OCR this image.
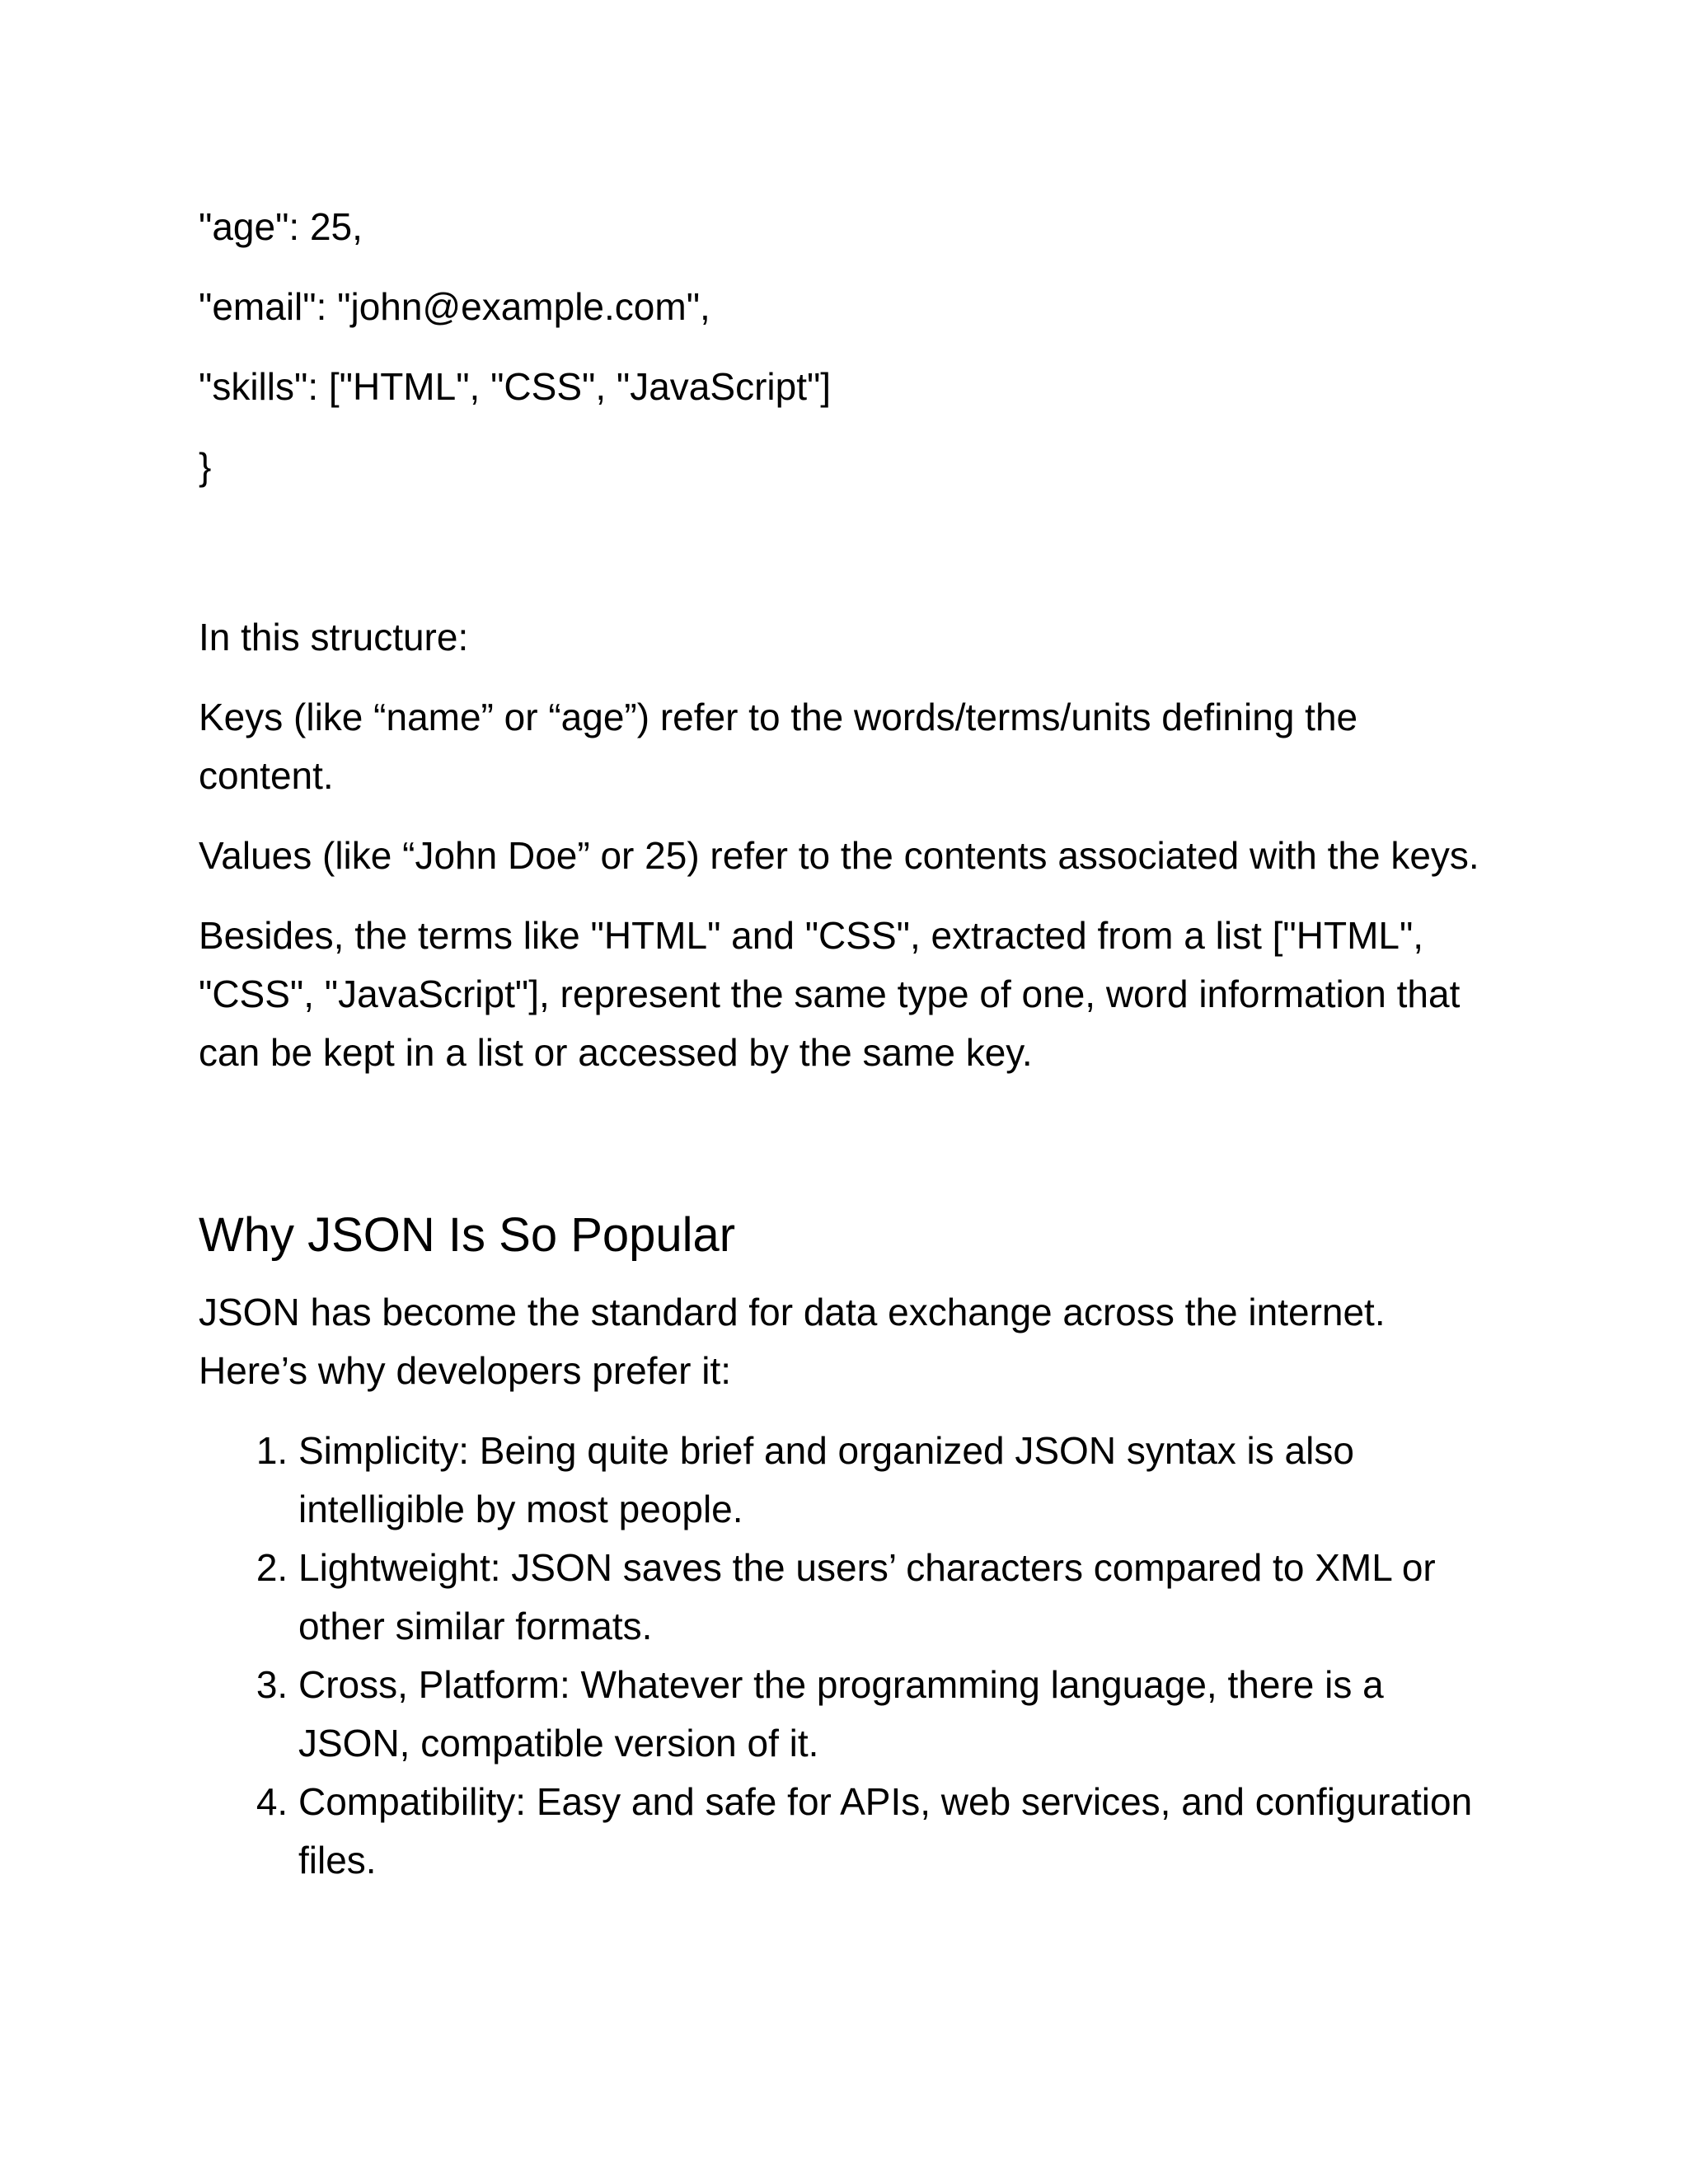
"age": 25,

"email": "john@example.com",

"skills": ["HTML", "CSS", "JavaScript"]

}

In this structure:

Keys (like “name” or “age”) refer to the words/terms/units defining the content.

Values (like “John Doe” or 25) refer to the contents associated with the keys.

Besides, the terms like "HTML" and "CSS", extracted from a list ["HTML", "CSS", "JavaScript"], represent the same type of one, word information that can be kept in a list or accessed by the same key.

Why JSON Is So Popular

JSON has become the standard for data exchange across the internet. Here’s why developers prefer it:

1. Simplicity: Being quite brief and organized JSON syntax is also intelligible by most people.
2. Lightweight: JSON saves the users’ characters compared to XML or other similar formats.
3. Cross, Platform: Whatever the programming language, there is a JSON, compatible version of it.
4. Compatibility: Easy and safe for APIs, web services, and configuration files.
